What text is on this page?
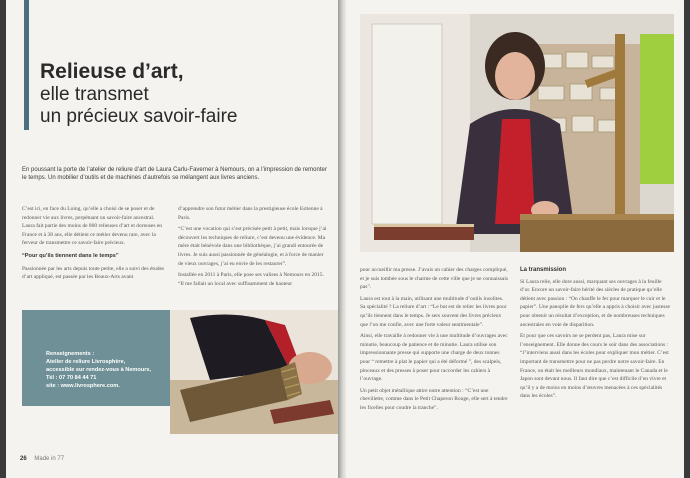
Relieuse d’art,
elle transmet
un précieux savoir-faire
En poussant la porte de l’atelier de reliure d’art de Laura Carlu-Faverner à Nemours, on a l’impression de remonter le temps. Un mobilier d’outils et de machines d’autrefois se mélangent aux livres anciens.

C’est ici, en face du Loing, qu’elle a choisi de se poser et de redonner vie aux livres, perpétuant un savoir-faire ancestral. Laura fait partie des moins de 800 relieuses d’art et doreuses en France et à 38 ans, elle détient ce métier devenu rare, avec la ferveur de transmettre ce savoir-faire précieux.

“Pour qu’ils tiennent dans le temps”

Passionnée par les arts depuis toute petite, elle a suivi des études d’art appliqué, est passée par les Beaux-Arts avant

d’apprendre son futur métier dans la prestigieuse école Estienne à Paris.

“C’est une vocation qui s’est précisée petit à petit, mais lorsque j’ai découvert les techniques de reliure, c’est devenu une évidence. Ma mère était bénévole dans une bibliothèque, j’ai grandi entourée de livres. Je suis aussi passionnée de généalogie, et à force de manier de vieux ouvrages, j’ai eu envie de les restaurer”.

Installée en 2011 à Paris, elle pose ses valises à Nemours en 2015. “Il me fallait un local avec suffisamment de hauteur

Renseignements :
Atelier de reliure Livrosphère,
accessible sur rendez-vous à Nemours,
Tél : 07 70 84 44 71
site : www.livrosphere.com.
26 Made in 77

pour accueillir ma presse. J’avais un cahier des charges compliqué, et je suis tombée sous le charme de cette ville que je ne connaissais pas”.

Laura est tout à la main, utilisant une multitude d’outils insolites. Sa spécialité ? La reliure d’art : “Le but est de relier les livres pour qu’ils tiennent dans le temps. Je sers souvent des livres précieux que l’on me confie, avec une forte valeur sentimentale”.

Ainsi, elle travaille à redonner vie à une multitude d’ouvrages avec minutie, beaucoup de patience et de minutie. Laura utilise son impressionnante presse qui supporte une charge de deux tonnes pour “ remettre à plat le papier qui a été déformé ”, des scalpels, pinceaux et des presses à poser pour raccorder les cahiers à l’ouvrage.

Un petit objet métallique attire notre attention : “C’est une chevillette, comme dans le Petit Chaperon Rouge, elle sert à tendre les ficelles pour coudre la tranche”.

La transmission

Si Laura relie, elle dore aussi, marquant ses ouvrages à la feuille d’or. Encore un savoir-faire hérité des siècles de pratique qu’elle détient avec passion : “On chauffe le fer pour marquer le cuir et le papier”. Une panoplie de fers qu’elle a appris à choisir avec justesse pour obtenir un résultat d’exception, et de nombreuses techniques ancestrales en voie de disparition.

Et pour que ces savoirs ne se perdent pas, Laura mise sur l’enseignement. Elle donne des cours le soir dans des associations : “J’interviens aussi dans les écoles pour expliquer mon métier. C’est important de transmettre pour ne pas perdre notre savoir-faire. En France, on était les meilleurs mondiaux, maintenant le Canada et le Japon sont devant nous. Il faut dire que c’est difficile d’en vivre et qu’il y a de moins en moins d’œuvres menacées à ces spécialités dans les écoles”.
